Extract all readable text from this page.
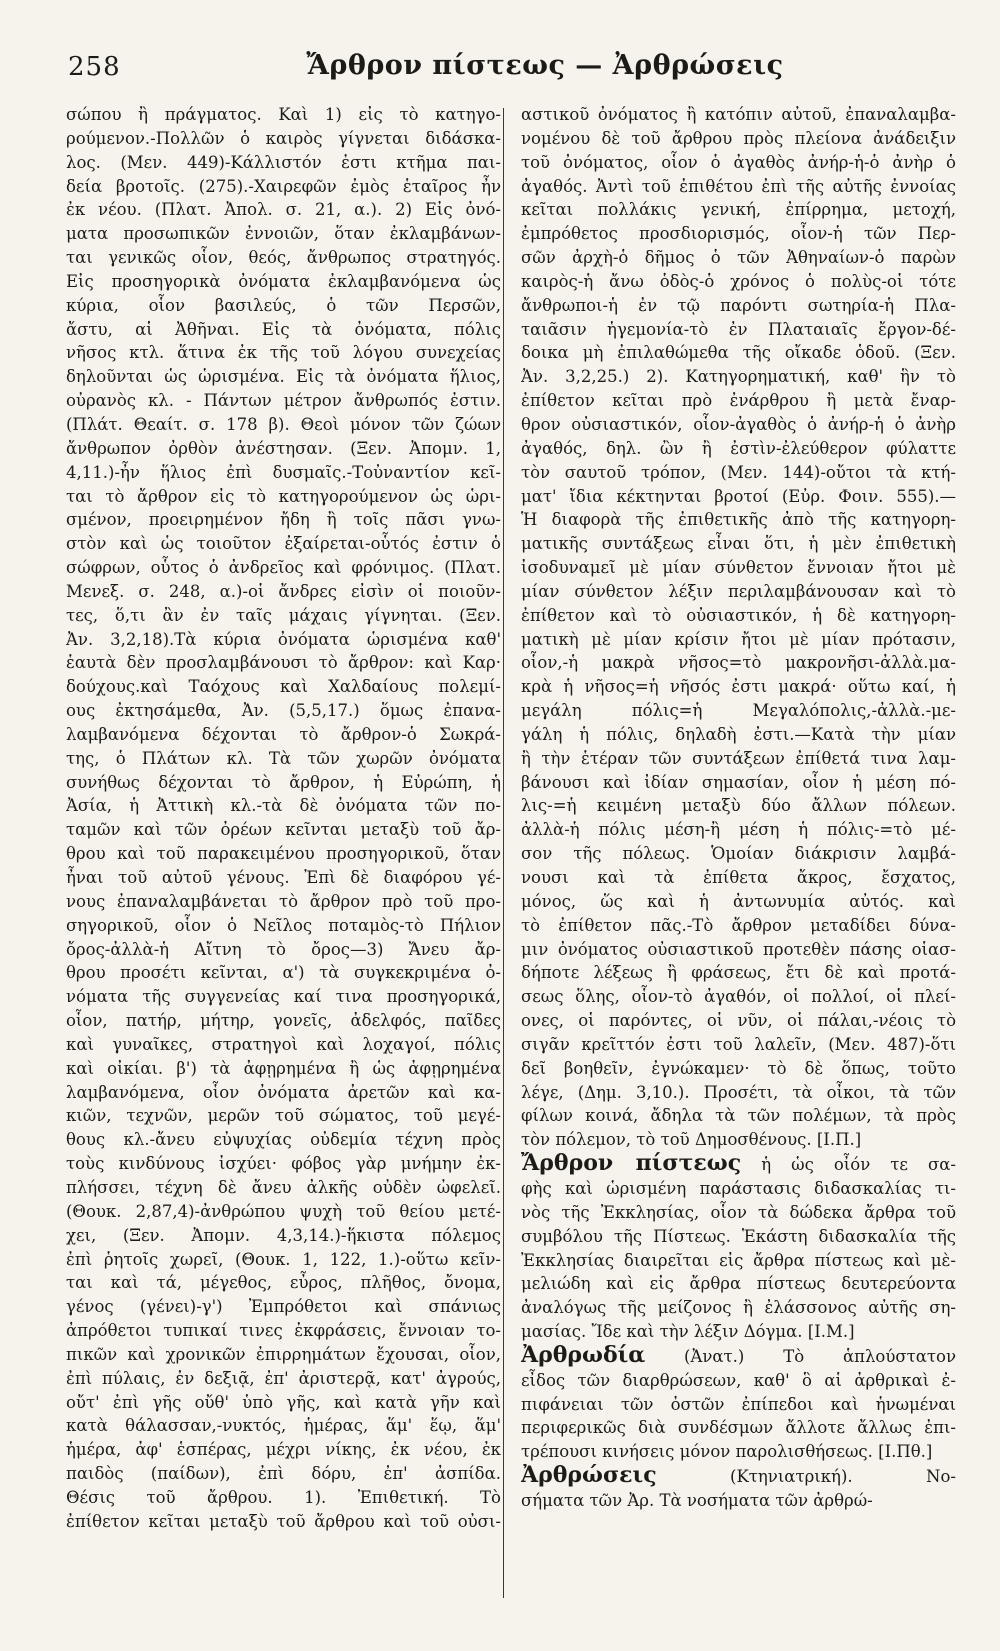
258	Ἄρθρον πίστεως — Ἀρθρώσεις
σώπου ἢ πράγματος. Καὶ 1) εἰς τὸ κατηγο-
ρούμενον.-Πολλῶν ὁ καιρὸς γίγνεται διδάσκα-
λος. (Μεν. 449)-Κάλλιστόν ἐστι κτῆμα παι-
δεία βροτοῖς. (275).-Χαιρεφῶν ἐμὸς ἑταῖρος ἦν
ἐκ νέου. (Πλατ. Ἀπολ. σ. 21, α.). 2) Εἰς ὀνό-
ματα προσωπικῶν ἐννοιῶν, ὅταν ἐκλαμβάνων-
ται γενικῶς οἷον, θεός, ἄνθρωπος στρατηγός.
Εἰς προσηγορικὰ ὀνόματα ἐκλαμβανόμενα ὡς
κύρια, οἷον βασιλεύς, ὁ τῶν Περσῶν,
ἄστυ, αἱ Ἀθῆναι. Εἰς τὰ ὀνόματα, πόλις
νῆσος κτλ. ἅτινα ἐκ τῆς τοῦ λόγου συνεχείας
δηλοῦνται ὡς ὡρισμένα. Εἰς τὰ ὀνόματα ἥλιος,
οὐρανὸς κλ. - Πάντων μέτρον ἄνθρωπός ἐστιν.
(Πλάτ. Θεαίτ. σ. 178 β). Θεοὶ μόνον τῶν ζώων
ἄνθρωπον ὀρθὸν ἀνέστησαν. (Ξεν. Ἀπομν. 1,
4,11.)-ἦν ἥλιος ἐπὶ δυσμαῖς.-Τοὐναντίον κεῖ-
ται τὸ ἄρθρον εἰς τὸ κατηγορούμενον ὡς ὡρι-
σμένον, προειρημένον ἤδη ἢ τοῖς πᾶσι γνω-
στὸν καὶ ὡς τοιοῦτον ἐξαίρεται-οὗτός ἐστιν ὁ
σώφρων, οὗτος ὁ ἀνδρεῖος καὶ φρόνιμος. (Πλατ.
Μενεξ. σ. 248, α.)-οἱ ἄνδρες εἰσὶν οἱ ποιοῦν-
τες, ὅ,τι ἂν ἐν ταῖς μάχαις γίγνηται. (Ξεν.
Ἀν. 3,2,18).Τὰ κύρια ὀνόματα ὡρισμένα καθ'
ἑαυτὰ δὲν προσλαμβάνουσι τὸ ἄρθρον: καὶ Καρ·
δούχους.καὶ Ταόχους καὶ Χαλδαίους πολεμί-
ους ἐκτησάμεθα, Ἀν. (5,5,17.) ὅμως ἐπανα-
λαμβανόμενα δέχονται τὸ ἄρθρον-ὁ Σωκρά-
της, ὁ Πλάτων κλ. Τὰ τῶν χωρῶν ὀνόματα
συνήθως δέχονται τὸ ἄρθρον, ἡ Εὐρώπη, ἡ
Ἀσία, ἡ Ἀττικὴ κλ.-τὰ δὲ ὀνόματα τῶν πο-
ταμῶν καὶ τῶν ὀρέων κεῖνται μεταξὺ τοῦ ἄρ-
θρου καὶ τοῦ παρακειμένου προσηγορικοῦ, ὅταν
ἦναι τοῦ αὐτοῦ γένους. Ἐπὶ δὲ διαφόρου γέ-
νους ἐπαναλαμβάνεται τὸ ἄρθρον πρὸ τοῦ προ-
σηγορικοῦ, οἷον ὁ Νεῖλος ποταμὸς-τὸ Πήλιον
ὄρος-ἀλλὰ-ἡ Αἴτνη τὸ ὄρος—3) Ἄνευ ἄρ-
θρου προσέτι κεῖνται, α') τὰ συγκεκριμένα ὀ-
νόματα τῆς συγγενείας καί τινα προσηγορικά,
οἷον, πατήρ, μήτηρ, γονεῖς, ἀδελφός, παῖδες
καὶ γυναῖκες, στρατηγοὶ καὶ λοχαγοί, πόλις
καὶ οἰκίαι. β') τὰ ἀφῃρημένα ἢ ὡς ἀφῃρημένα
λαμβανόμενα, οἷον ὀνόματα ἀρετῶν καὶ κα-
κιῶν, τεχνῶν, μερῶν τοῦ σώματος, τοῦ μεγέ-
θους κλ.-ἄνευ εὐψυχίας οὐδεμία τέχνη πρὸς
τοὺς κινδύνους ἰσχύει· φόβος γὰρ μνήμην ἐκ-
πλήσσει, τέχνη δὲ ἄνευ ἀλκῆς οὐδὲν ὠφελεῖ.
(Θουκ. 2,87,4)-ἀνθρώπου ψυχὴ τοῦ θείου μετέ-
χει, (Ξεν. Ἀπομν. 4,3,14.)-ἥκιστα πόλεμος
ἐπὶ ῥητοῖς χωρεῖ, (Θουκ. 1, 122, 1.)-οὕτω κεῖν-
ται καὶ τά, μέγεθος, εὖρος, πλῆθος, ὄνομα,
γένος (γένει)-γ') Ἐμπρόθετοι καὶ σπάνιως
ἀπρόθετοι τυπικαί τινες ἐκφράσεις, ἔννοιαν το-
πικῶν καὶ χρονικῶν ἐπιρρημάτων ἔχουσαι, οἷον,
ἐπὶ πύλαις, ἐν δεξιᾷ, ἐπ' ἀριστερᾷ, κατ' ἀγρούς,
οὔτ' ἐπὶ γῆς οὔθ' ὑπὸ γῆς, καὶ κατὰ γῆν καὶ
κατὰ θάλασσαν,-νυκτός, ἡμέρας, ἅμ' ἕῳ, ἅμ'
ἡμέρα, ἀφ' ἑσπέρας, μέχρι νίκης, ἐκ νέου, ἐκ
παιδὸς (παίδων), ἐπὶ δόρυ, ἐπ' ἀσπίδα.
Θέσις τοῦ ἄρθρου. 1). Ἐπιθετική. Τὸ
ἐπίθετον κεῖται μεταξὺ τοῦ ἄρθρου καὶ τοῦ οὐσι-
αστικοῦ ὀνόματος ἢ κατόπιν αὐτοῦ, ἐπαναλαμβα-
νομένου δὲ τοῦ ἄρθρου πρὸς πλείονα ἀνάδειξιν
τοῦ ὀνόματος, οἷον ὁ ἀγαθὸς ἀνήρ-ἡ-ὁ ἀνὴρ ὁ
ἀγαθός. Ἀντὶ τοῦ ἐπιθέτου ἐπὶ τῆς αὐτῆς ἐννοίας
κεῖται πολλάκις γενική, ἐπίρρημα, μετοχή,
ἐμπρόθετος προσδιορισμός, οἷον-ἡ τῶν Περ-
σῶν ἀρχὴ-ὁ δῆμος ὁ τῶν Ἀθηναίων-ὁ παρὼν
καιρὸς-ἡ ἄνω ὁδὸς-ὁ χρόνος ὁ πολὺς-οἱ τότε
ἄνθρωποι-ἡ ἐν τῷ παρόντι σωτηρία-ἡ Πλα-
ταιᾶσιν ἡγεμονία-τὸ ἐν Πλαταιαῖς ἔργον-δέ-
δοικα μὴ ἐπιλαθώμεθα τῆς οἴκαδε ὁδοῦ. (Ξεν.
Ἀν. 3,2,25.) 2). Κατηγορηματική, καθ' ἣν τὸ
ἐπίθετον κεῖται πρὸ ἐνάρθρου ἢ μετὰ ἔναρ-
θρον οὐσιαστικόν, οἷον-ἀγαθὸς ὁ ἀνήρ-ἡ ὁ ἀνὴρ
ἀγαθός, δηλ. ὢν ἢ ἐστὶν-ἐλεύθερον φύλαττε
τὸν σαυτοῦ τρόπον, (Μεν. 144)-οὔτοι τὰ κτή-
ματ' ἴδια κέκτηνται βροτοί (Εὐρ. Φοιν. 555).—
Ἡ διαφορὰ τῆς ἐπιθετικῆς ἀπὸ τῆς κατηγορη-
ματικῆς συντάξεως εἶναι ὅτι, ἡ μὲν ἐπιθετικὴ
ἰσοδυναμεῖ μὲ μίαν σύνθετον ἔννοιαν ἤτοι μὲ
μίαν σύνθετον λέξιν περιλαμβάνουσαν καὶ τὸ
ἐπίθετον καὶ τὸ οὐσιαστικόν, ἡ δὲ κατηγορη-
ματικὴ μὲ μίαν κρίσιν ἤτοι μὲ μίαν πρότασιν,
οἷον,-ἡ μακρὰ νῆσος=τὸ μακρονῆσι-ἀλλὰ.μα-
κρὰ ἡ νῆσος=ἡ νῆσός ἐστι μακρά· οὕτω καί, ἡ
μεγάλη πόλις=ἡ Μεγαλόπολις,-ἀλλὰ.-με-
γάλη ἡ πόλις, δηλαδὴ ἐστι.—Κατὰ τὴν μίαν
ἢ τὴν ἑτέραν τῶν συντάξεων ἐπίθετά τινα λαμ-
βάνουσι καὶ ἰδίαν σημασίαν, οἷον ἡ μέση πό-
λις-=ἡ κειμένη μεταξὺ δύο ἄλλων πόλεων.
ἀλλὰ-ἡ πόλις μέση-ἢ μέση ἡ πόλις-=τὸ μέ-
σον τῆς πόλεως. Ὁμοίαν διάκρισιν λαμβά-
νουσι καὶ τὰ ἐπίθετα ἄκρος, ἔσχατος,
μόνος, ὥς καὶ ἡ ἀντωνυμία αὐτός. καὶ
τὸ ἐπίθετον πᾶς.-Τὸ ἄρθρον μεταδίδει δύνα-
μιν ὀνόματος οὐσιαστικοῦ προτεθὲν πάσης οἱασ-
δήποτε λέξεως ἢ φράσεως, ἔτι δὲ καὶ προτά-
σεως ὅλης, οἷον-τὸ ἀγαθόν, οἱ πολλοί, οἱ πλεί-
ονες, οἱ παρόντες, οἱ νῦν, οἱ πάλαι,-νέοις τὸ
σιγᾶν κρεῖττόν ἐστι τοῦ λαλεῖν, (Μεν. 487)-ὅτι
δεῖ βοηθεῖν, ἐγνώκαμεν· τὸ δὲ ὅπως, τοῦτο
λέγε, (Δημ. 3,10.). Προσέτι, τὰ οἶκοι, τὰ τῶν
φίλων κοινά, ἄδηλα τὰ τῶν πολέμων, τὰ πρὸς
τὸν πόλεμον, τὸ τοῦ Δημοσθένους. [Ι.Π.]
Ἄρθρον πίστεως ἡ ὡς οἶόν τε σα-
φὴς καὶ ὡρισμένη παράστασις διδασκαλίας τι-
νὸς τῆς Ἐκκλησίας, οἷον τὰ δώδεκα ἄρθρα τοῦ
συμβόλου τῆς Πίστεως. Ἑκάστη διδασκαλία τῆς
Ἐκκλησίας διαιρεῖται εἰς ἄρθρα πίστεως καὶ μὲ-
μελιώδη καὶ εἰς ἄρθρα πίστεως δευτερεύοντα
ἀναλόγως τῆς μείζονος ἢ ἐλάσσονος αὐτῆς ση-
μασίας. Ἴδε καὶ τὴν λέξιν Δόγμα. [Ι.Μ.]
Ἀρθρωδία (Ἀνατ.) Τὸ ἁπλούστατον
εἶδος τῶν διαρθρώσεων, καθ' ὃ αἱ ἀρθρικαὶ ἐ-
πιφάνειαι τῶν ὀστῶν ἐπίπεδοι καὶ ἡνωμέναι
περιφερικῶς διὰ συνδέσμων ἄλλοτε ἄλλως ἐπι-
τρέπουσι κινήσεις μόνον παρολισθήσεως. [Ι.Πθ.]
Ἀρθρώσεις	(Κτηνιατρική). Νο-
σήματα τῶν Ἀρ. Τὰ νοσήματα τῶν ἀρθρώ-
